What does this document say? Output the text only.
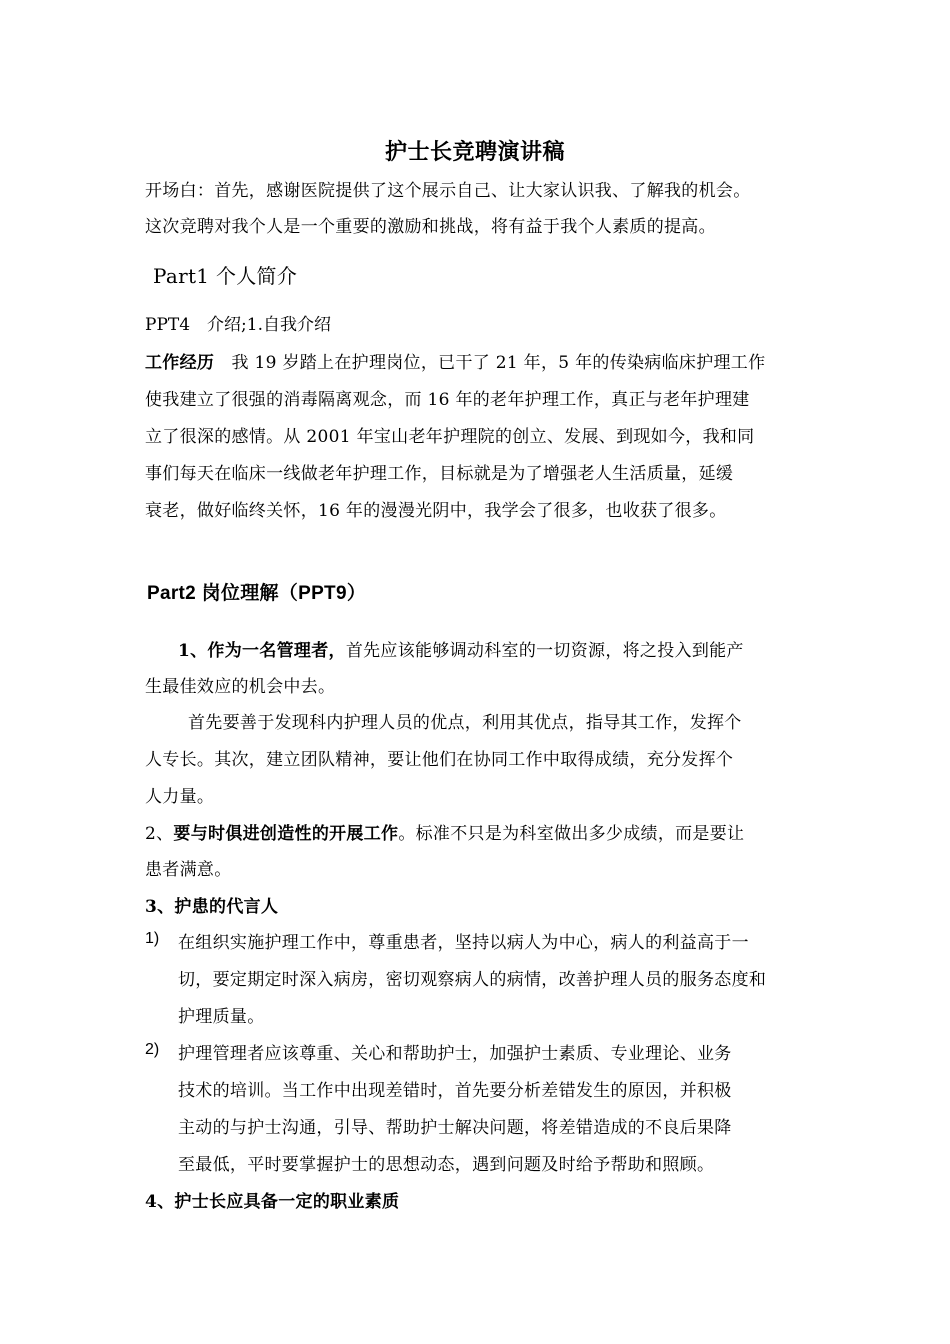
护士长竞聘演讲稿
开场白：首先，感谢医院提供了这个展示自己、让大家认识我、了解我的机会。
这次竞聘对我个人是一个重要的激励和挑战，将有益于我个人素质的提高。
Part1 个人简介
PPT4　介绍;1.自我介绍
工作经历　我 19 岁踏上在护理岗位，已干了 21 年，5 年的传染病临床护理工作
使我建立了很强的消毒隔离观念，而 16 年的老年护理工作，真正与老年护理建
立了很深的感情。从 2001 年宝山老年护理院的创立、发展、到现如今，我和同
事们每天在临床一线做老年护理工作，目标就是为了增强老人生活质量，延缓
衰老，做好临终关怀，16 年的漫漫光阴中，我学会了很多，也收获了很多。
Part2 岗位理解（PPT9）
1、作为一名管理者，首先应该能够调动科室的一切资源，将之投入到能产
生最佳效应的机会中去。
首先要善于发现科内护理人员的优点，利用其优点，指导其工作，发挥个
人专长。其次，建立团队精神，要让他们在协同工作中取得成绩，充分发挥个
人力量。
2、要与时俱进创造性的开展工作。标准不只是为科室做出多少成绩，而是要让
患者满意。
3、护患的代言人
1) 在组织实施护理工作中，尊重患者，坚持以病人为中心，病人的利益高于一
切，要定期定时深入病房，密切观察病人的病情，改善护理人员的服务态度和
护理质量。
2) 护理管理者应该尊重、关心和帮助护士，加强护士素质、专业理论、业务
技术的培训。当工作中出现差错时，首先要分析差错发生的原因，并积极
主动的与护士沟通，引导、帮助护士解决问题，将差错造成的不良后果降
至最低，平时要掌握护士的思想动态，遇到问题及时给予帮助和照顾。
4、护士长应具备一定的职业素质
